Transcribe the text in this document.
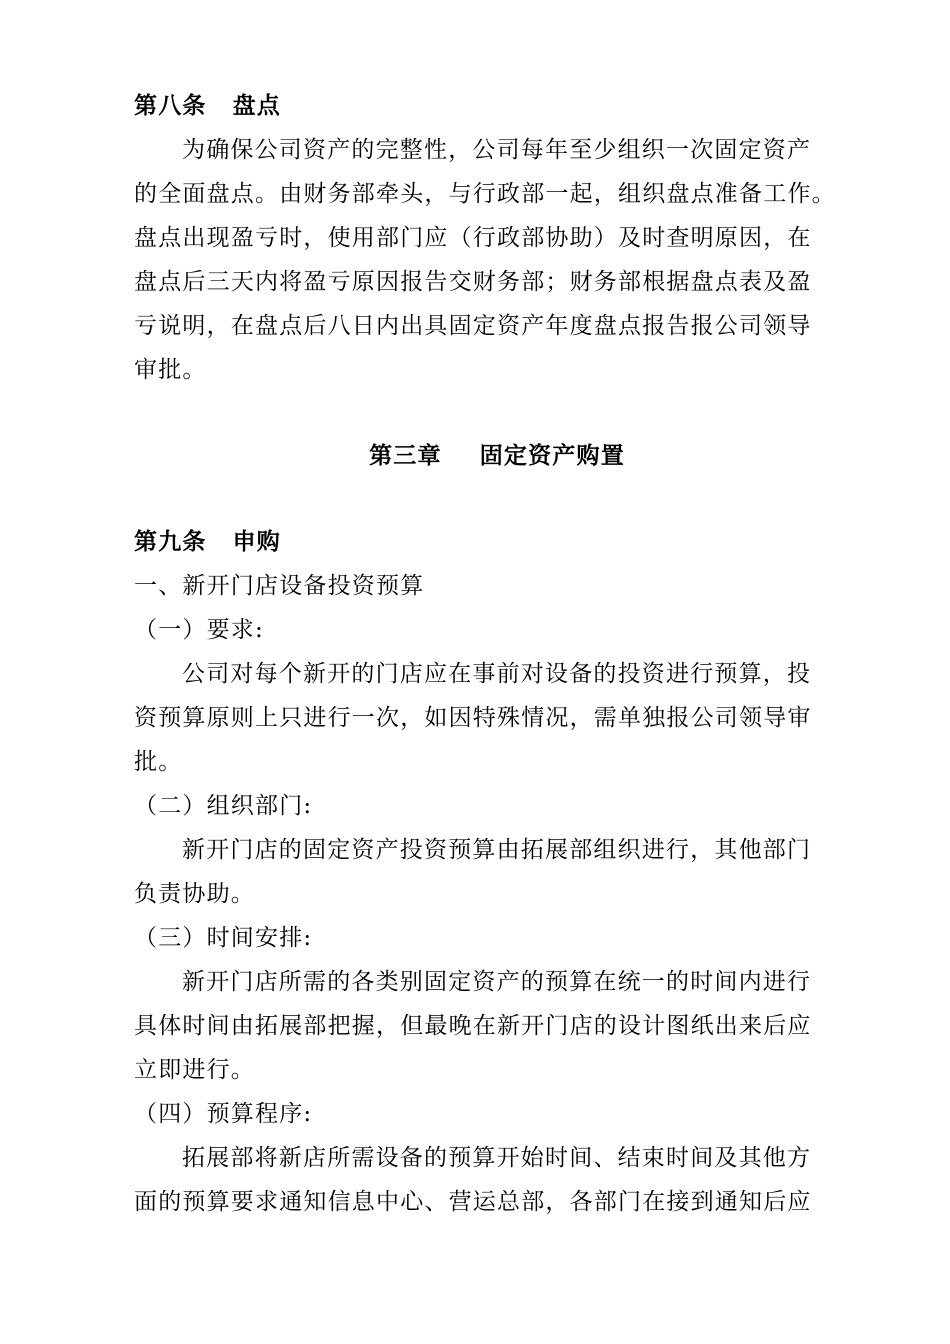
第八条 盘点
为确保公司资产的完整性，公司每年至少组织一次固定资产
的全面盘点。由财务部牵头，与行政部一起，组织盘点准备工作。
盘点出现盈亏时，使用部门应（行政部协助）及时查明原因，在
盘点后三天内将盈亏原因报告交财务部；财务部根据盘点表及盈
亏说明，在盘点后八日内出具固定资产年度盘点报告报公司领导
审批。
第三章 固定资产购置
第九条 申购
一、新开门店设备投资预算
（一）要求:
公司对每个新开的门店应在事前对设备的投资进行预算，投
资预算原则上只进行一次，如因特殊情况，需单独报公司领导审
批。
（二）组织部门:
新开门店的固定资产投资预算由拓展部组织进行，其他部门
负责协助。
（三）时间安排:
新开门店所需的各类别固定资产的预算在统一的时间内进行
具体时间由拓展部把握，但最晚在新开门店的设计图纸出来后应
立即进行。
（四）预算程序:
拓展部将新店所需设备的预算开始时间、结束时间及其他方
面的预算要求通知信息中心、营运总部，各部门在接到通知后应
